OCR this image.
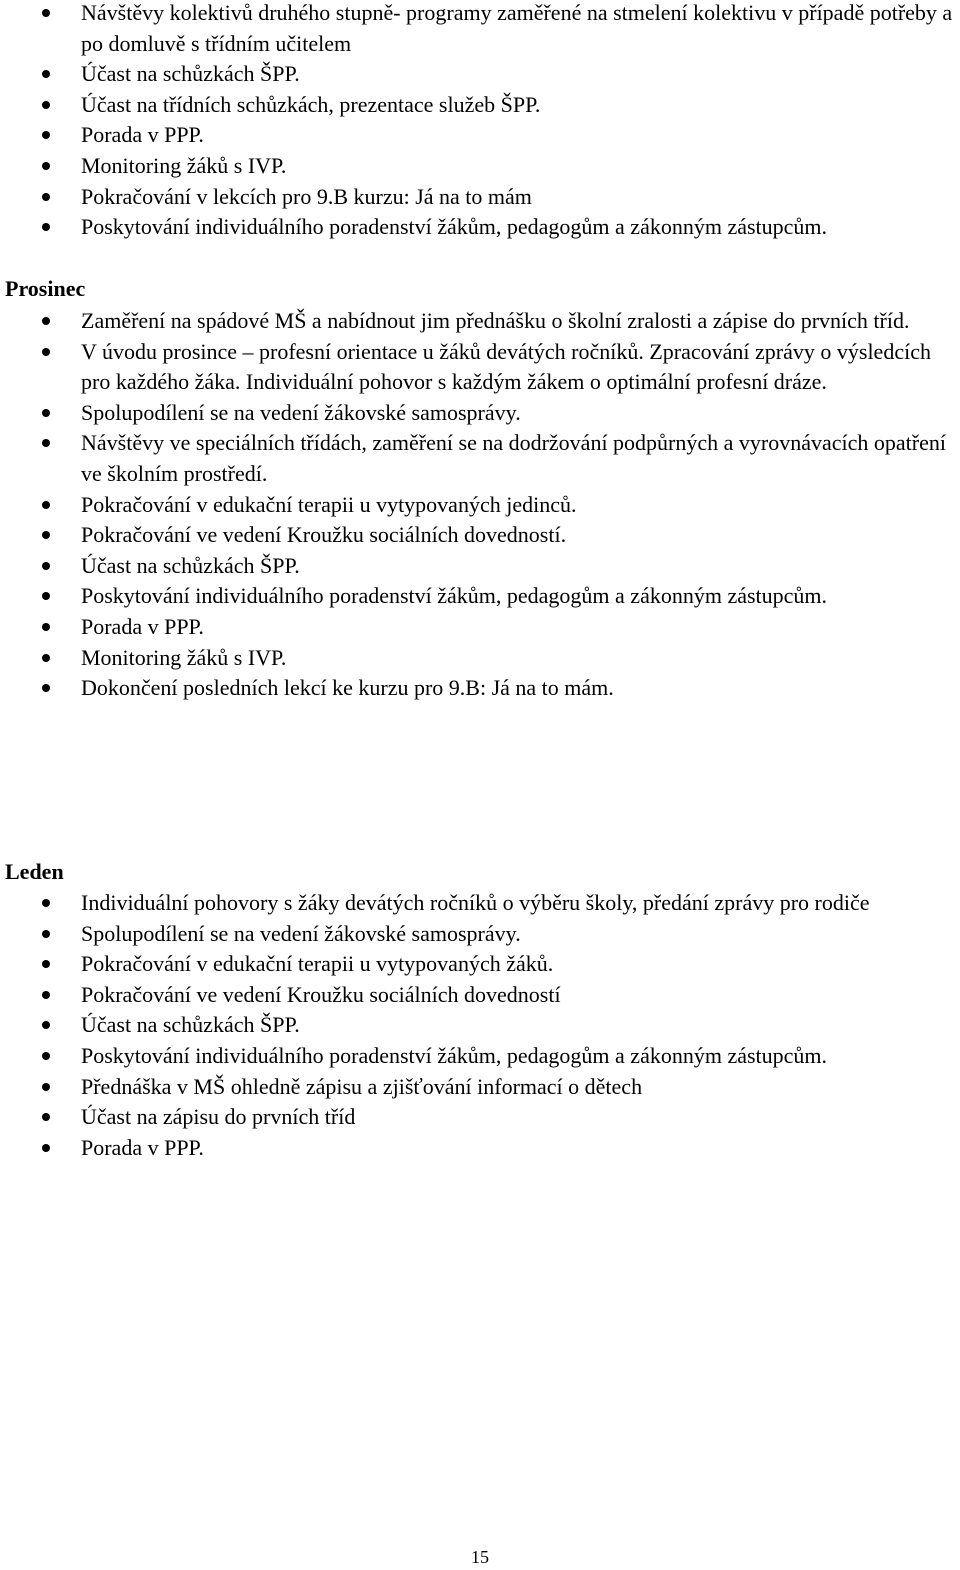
Návštěvy kolektivů druhého stupně- programy zaměřené na stmelení kolektivu v případě potřeby a po domluvě s třídním učitelem
Účast na schůzkách ŠPP.
Účast na třídních schůzkách, prezentace služeb ŠPP.
Porada v PPP.
Monitoring žáků s IVP.
Pokračování v lekcích pro 9.B kurzu: Já na to mám
Poskytování individuálního poradenství žákům, pedagogům a zákonným zástupcům.
Prosinec
Zaměření na spádové MŠ a nabídnout jim přednášku o školní zralosti a zápise do prvních tříd.
V úvodu prosince – profesní orientace u žáků devátých ročníků. Zpracování zprávy o výsledcích pro každého žáka. Individuální pohovor s každým žákem o optimální profesní dráze.
Spolupodílení se na vedení žákovské samosprávy.
Návštěvy ve speciálních třídách, zaměření se na dodržování podpůrných a vyrovnávacích opatření ve školním prostředí.
Pokračování v edukační terapii u vytypovaných jedinců.
Pokračování ve vedení Kroužku sociálních dovedností.
Účast na schůzkách ŠPP.
Poskytování individuálního poradenství žákům, pedagogům a zákonným zástupcům.
Porada v PPP.
Monitoring žáků s IVP.
Dokončení posledních lekcí ke kurzu pro 9.B: Já na to mám.
Leden
Individuální pohovory s žáky devátých ročníků o výběru školy, předání zprávy pro rodiče
Spolupodílení se na vedení žákovské samosprávy.
Pokračování v edukační terapii u vytypovaných žáků.
Pokračování ve vedení Kroužku sociálních dovedností
Účast na schůzkách ŠPP.
Poskytování individuálního poradenství žákům, pedagogům a zákonným zástupcům.
Přednáška v MŠ ohledně zápisu a zjišťování informací o dětech
Účast na zápisu do prvních tříd
Porada v PPP.
15
